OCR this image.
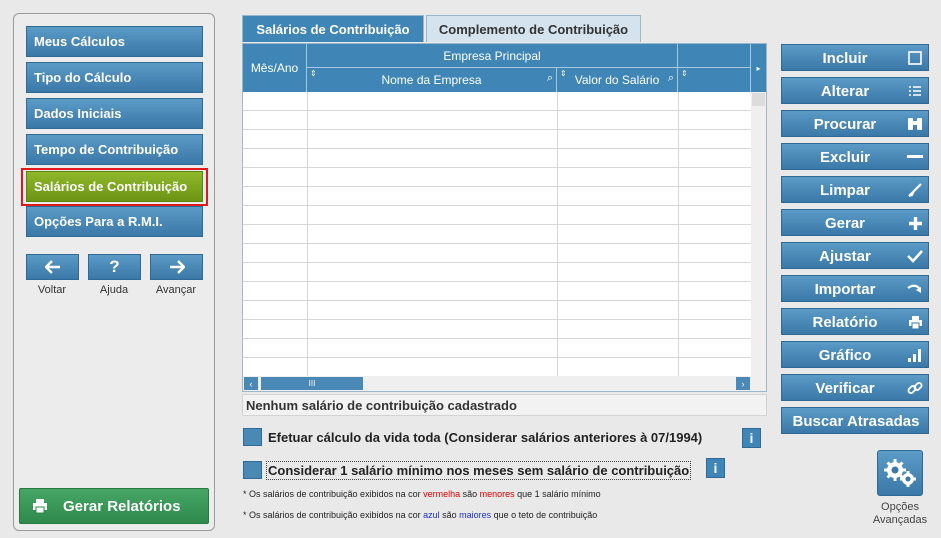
Meus Cálculos
Tipo do Cálculo
Dados Iniciais
Tempo de Contribuição
Salários de Contribuição
Opções Para a R.M.I.
?
Voltar	Ajuda	Avançar
Gerar Relatórios
Salários de Contribuição	Complemento de Contribuição
Mês/Ano
Empresa Principal
⇕	Nome da Empresa	⌕ ⇕ Valor do Salário ⌕ ⇕
▸
‹	III	›
Nenhum salário de contribuição cadastrado
Efetuar cálculo da vida toda (Considerar salários anteriores à 07/1994)	i
Considerar 1 salário mínimo nos meses sem salário de contribuição i
* Os salários de contribuição exibidos na cor vermelha são menores que 1 salário mínimo
* Os salários de contribuição exibidos na cor azul são maiores que o teto de contribuição
Incluir
Alterar
Procurar
Excluir
Limpar
Gerar
Ajustar
Importar
Relatório
Gráfico
Verificar
Buscar Atrasadas
Opções
Avançadas
